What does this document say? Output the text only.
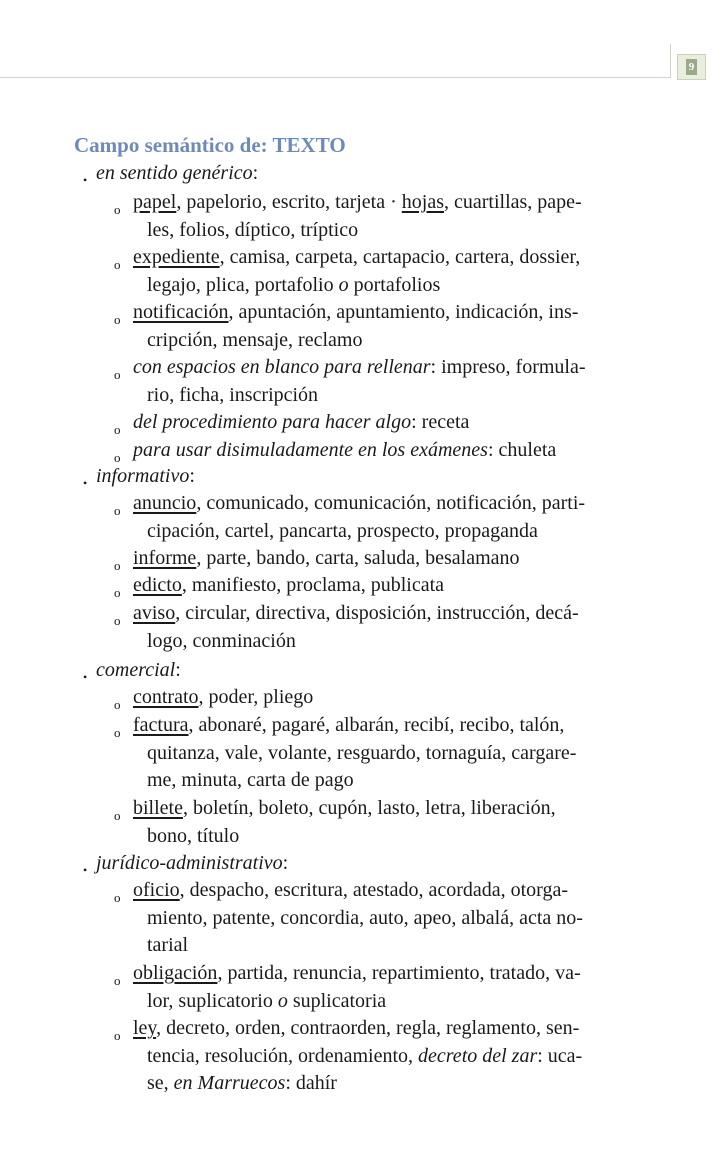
9
Campo semántico de: TEXTO
• en sentido genérico:
o papel, papelorio, escrito, tarjeta · hojas, cuartillas, pape-
les, folios, díptico, tríptico
o expediente, camisa, carpeta, cartapacio, cartera, dossier,
legajo, plica, portafolio o portafolios
o notificación, apuntación, apuntamiento, indicación, ins-
cripción, mensaje, reclamo
o con espacios en blanco para rellenar: impreso, formula-
rio, ficha, inscripción
o del procedimiento para hacer algo: receta
o para usar disimuladamente en los exámenes: chuleta
• informativo:
o anuncio, comunicado, comunicación, notificación, parti-
cipación, cartel, pancarta, prospecto, propaganda
o informe, parte, bando, carta, saluda, besalamano
o edicto, manifiesto, proclama, publicata
o aviso, circular, directiva, disposición, instrucción, decá-
logo, conminación
• comercial:
o contrato, poder, pliego
o factura, abonaré, pagaré, albarán, recibí, recibo, talón,
quitanza, vale, volante, resguardo, tornaguía, cargare-
me, minuta, carta de pago
o billete, boletín, boleto, cupón, lasto, letra, liberación,
bono, título
• jurídico-administrativo:
o oficio, despacho, escritura, atestado, acordada, otorga-
miento, patente, concordia, auto, apeo, albalá, acta no-
tarial
o obligación, partida, renuncia, repartimiento, tratado, va-
lor, suplicatorio o suplicatoria
o ley, decreto, orden, contraorden, regla, reglamento, sen-
tencia, resolución, ordenamiento, decreto del zar: uca-
se, en Marruecos: dahír
